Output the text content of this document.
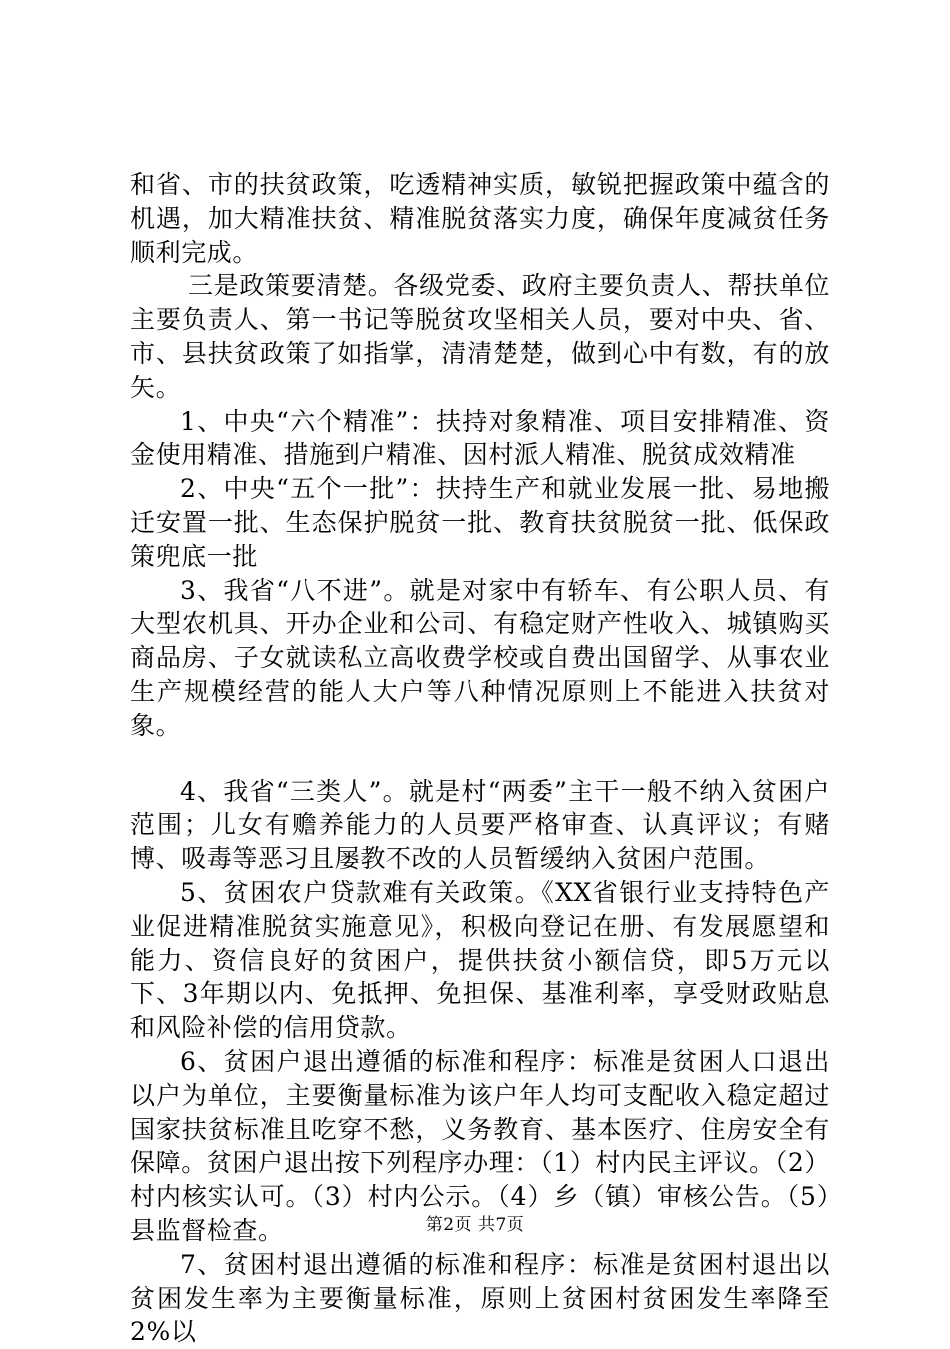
和省、市的扶贫政策，吃透精神实质，敏锐把握政策中蕴含的机遇，加大精准扶贫、精准脱贫落实力度，确保年度减贫任务顺利完成。

三是政策要清楚。各级党委、政府主要负责人、帮扶单位主要负责人、第一书记等脱贫攻坚相关人员，要对中央、省、市、县扶贫政策了如指掌，清清楚楚，做到心中有数，有的放矢。

1、中央“六个精准”：扶持对象精准、项目安排精准、资金使用精准、措施到户精准、因村派人精准、脱贫成效精准

2、中央“五个一批”：扶持生产和就业发展一批、易地搬迁安置一批、生态保护脱贫一批、教育扶贫脱贫一批、低保政策兜底一批

3、我省“八不进”。就是对家中有轿车、有公职人员、有大型农机具、开办企业和公司、有稳定财产性收入、城镇购买商品房、子女就读私立高收费学校或自费出国留学、从事农业生产规模经营的能人大户等八种情况原则上不能进入扶贫对象。

4、我省“三类人”。就是村“两委”主干一般不纳入贫困户范围；儿女有赡养能力的人员要严格审查、认真评议；有赌博、吸毒等恶习且屡教不改的人员暂缓纳入贫困户范围。

5、贫困农户贷款难有关政策。《XX省银行业支持特色产业促进精准脱贫实施意见》，积极向登记在册、有发展愿望和能力、资信良好的贫困户，提供扶贫小额信贷，即5万元以下、3年期以内、免抵押、免担保、基准利率，享受财政贴息和风险补偿的信用贷款。

6、贫困户退出遵循的标准和程序：标准是贫困人口退出以户为单位，主要衡量标准为该户年人均可支配收入稳定超过国家扶贫标准且吃穿不愁，义务教育、基本医疗、住房安全有保障。贫困户退出按下列程序办理：（1）村内民主评议。（2）村内核实认可。（3）村内公示。（4）乡（镇）审核公告。（5）县监督检查。

7、贫困村退出遵循的标准和程序：标准是贫困村退出以贫困发生率为主要衡量标准，原则上贫困村贫困发生率降至2%以

第2页 共7页
